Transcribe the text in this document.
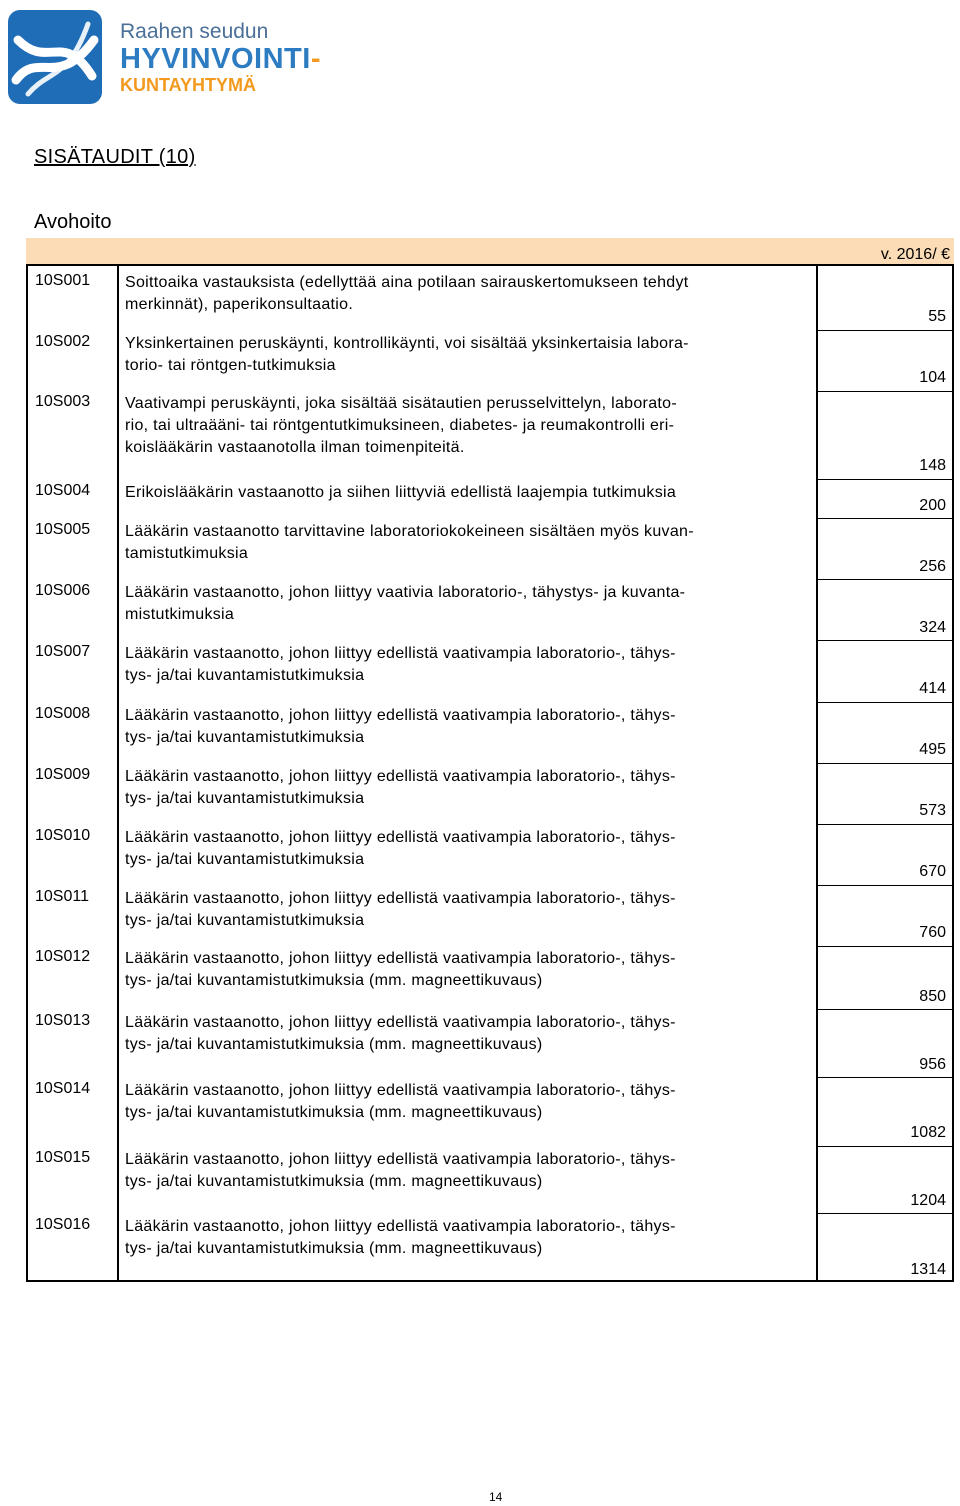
Raahen seudun
HYVINVOINTI-
KUNTAYHTYMÄ
SISÄTAUDIT (10)
Avohoito
v. 2016/ €
10S001 Soittoaika vastauksista (edellyttää aina potilaan sairauskertomukseen tehdyt
merkinnät), paperikonsultaatio.
55
10S002 Yksinkertainen peruskäynti, kontrollikäynti, voi sisältää yksinkertaisia labora-
torio- tai röntgen-tutkimuksia
104
10S003 Vaativampi peruskäynti, joka sisältää sisätautien perusselvittelyn, laborato-
rio, tai ultraääni- tai röntgentutkimuksineen, diabetes- ja reumakontrolli eri-
koislääkärin vastaanotolla ilman toimenpiteitä.
148
10S004 Erikoislääkärin vastaanotto ja siihen liittyviä edellistä laajempia tutkimuksia
200
10S005 Lääkärin vastaanotto tarvittavine laboratoriokokeineen sisältäen myös kuvan-
tamistutkimuksia
256
10S006 Lääkärin vastaanotto, johon liittyy vaativia laboratorio-, tähystys- ja kuvanta-
mistutkimuksia
324
10S007 Lääkärin vastaanotto, johon liittyy edellistä vaativampia laboratorio-, tähys-
tys- ja/tai kuvantamistutkimuksia
414
10S008 Lääkärin vastaanotto, johon liittyy edellistä vaativampia laboratorio-, tähys-
tys- ja/tai kuvantamistutkimuksia
495
10S009 Lääkärin vastaanotto, johon liittyy edellistä vaativampia laboratorio-, tähys-
tys- ja/tai kuvantamistutkimuksia
573
10S010 Lääkärin vastaanotto, johon liittyy edellistä vaativampia laboratorio-, tähys-
tys- ja/tai kuvantamistutkimuksia
670
10S011 Lääkärin vastaanotto, johon liittyy edellistä vaativampia laboratorio-, tähys-
tys- ja/tai kuvantamistutkimuksia
760
10S012 Lääkärin vastaanotto, johon liittyy edellistä vaativampia laboratorio-, tähys-
tys- ja/tai kuvantamistutkimuksia (mm. magneettikuvaus)
850
10S013 Lääkärin vastaanotto, johon liittyy edellistä vaativampia laboratorio-, tähys-
tys- ja/tai kuvantamistutkimuksia (mm. magneettikuvaus)
956
10S014 Lääkärin vastaanotto, johon liittyy edellistä vaativampia laboratorio-, tähys-
tys- ja/tai kuvantamistutkimuksia (mm. magneettikuvaus)
1082
10S015 Lääkärin vastaanotto, johon liittyy edellistä vaativampia laboratorio-, tähys-
tys- ja/tai kuvantamistutkimuksia (mm. magneettikuvaus)
1204
10S016 Lääkärin vastaanotto, johon liittyy edellistä vaativampia laboratorio-, tähys-
tys- ja/tai kuvantamistutkimuksia (mm. magneettikuvaus)
1314
14
